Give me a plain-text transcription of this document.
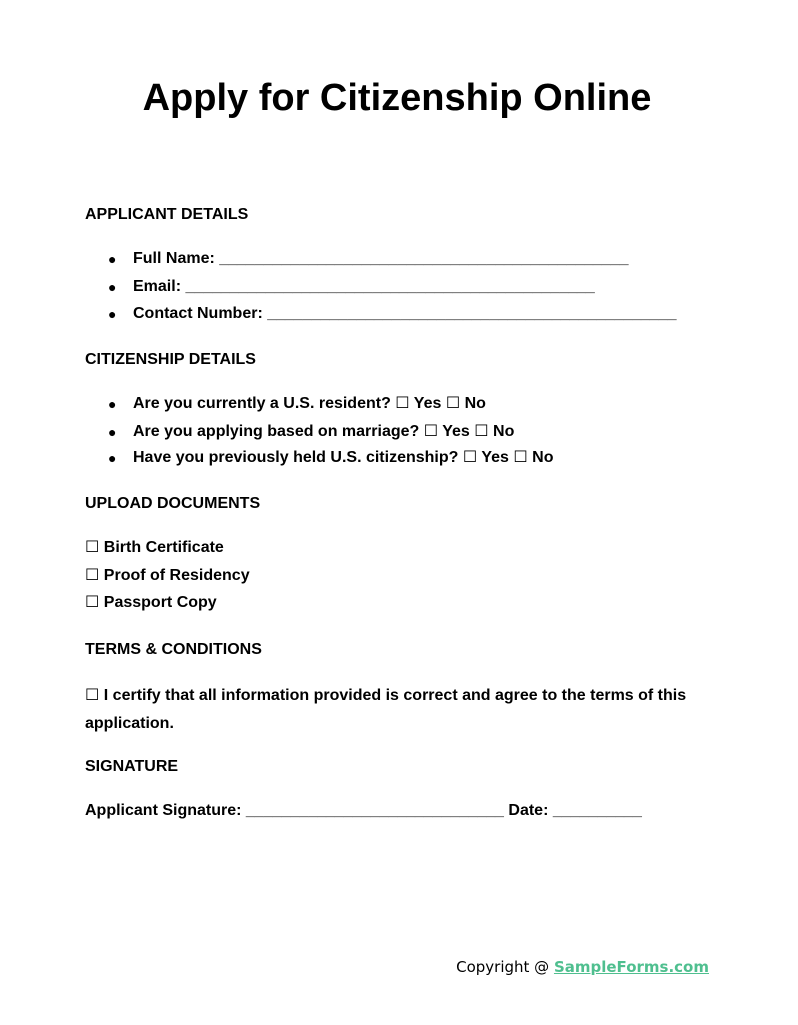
Apply for Citizenship Online
APPLICANT DETAILS
● Full Name: ______________________________________________
● Email: ______________________________________________
● Contact Number: ______________________________________________
CITIZENSHIP DETAILS
● Are you currently a U.S. resident? ☐ Yes ☐ No
● Are you applying based on marriage? ☐ Yes ☐ No
● Have you previously held U.S. citizenship? ☐ Yes ☐ No
UPLOAD DOCUMENTS
☐ Birth Certificate
☐ Proof of Residency
☐ Passport Copy
TERMS & CONDITIONS

☐ I certify that all information provided is correct and agree to the terms of this application.

SIGNATURE
Applicant Signature: _____________________________ Date: __________
Copyright @ SampleForms.com
